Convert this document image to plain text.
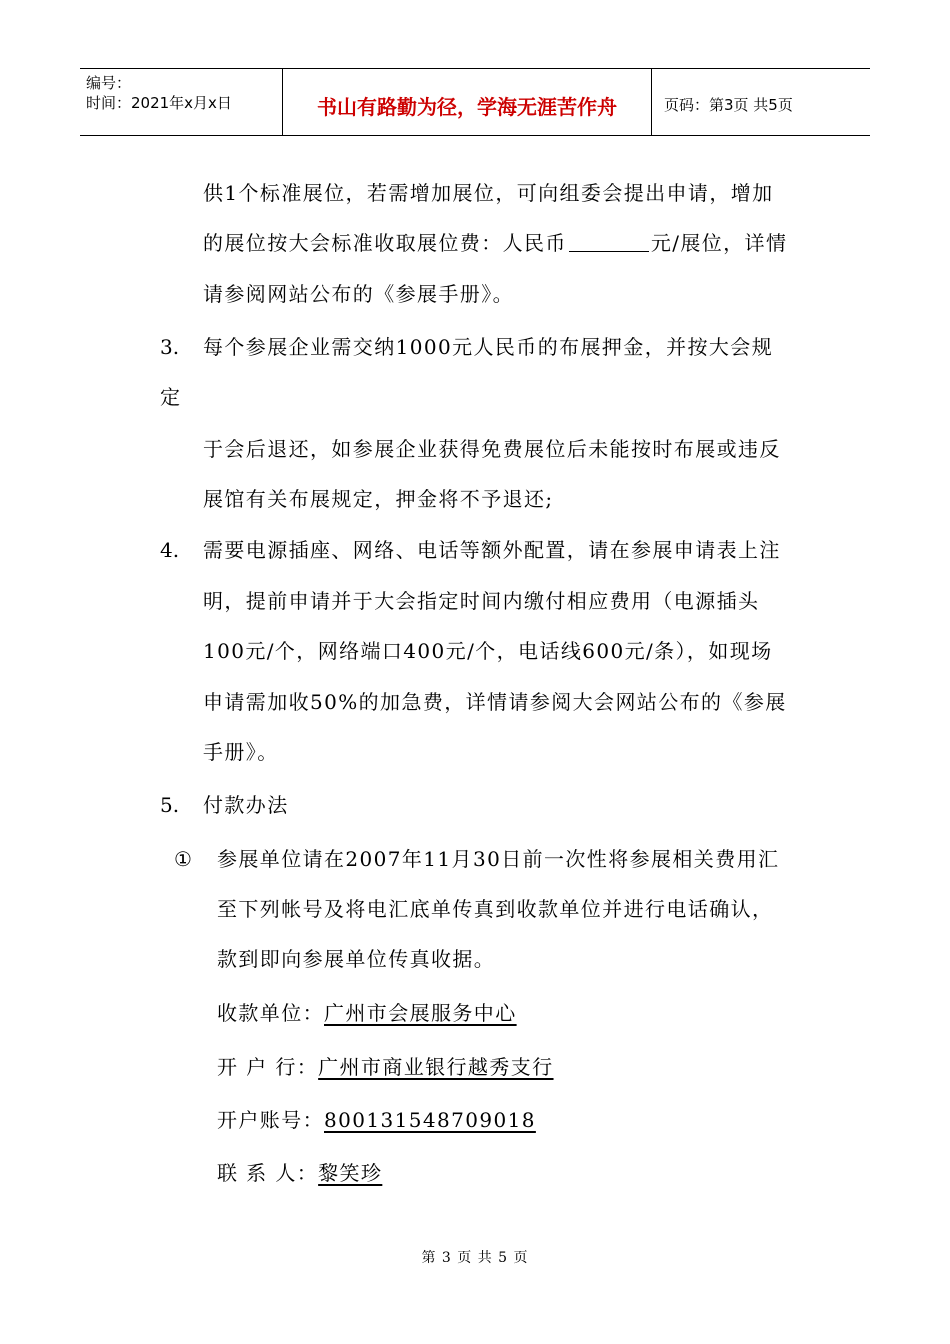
编号：
时间：2021年x月x日	书山有路勤为径，学海无涯苦作舟	页码：第3页 共5页
供1个标准展位，若需增加展位，可向组委会提出申请，增加
的展位按大会标准收取展位费：人民币	元/展位，详情
请参阅网站公布的《参展手册》。
3. 每个参展企业需交纳1000元人民币的布展押金，并按大会规
定
于会后退还，如参展企业获得免费展位后未能按时布展或违反
展馆有关布展规定，押金将不予退还;
4. 需要电源插座、网络、电话等额外配置，请在参展申请表上注
明，提前申请并于大会指定时间内缴付相应费用（电源插头
100元/个，网络端口400元/个，电话线600元/条），如现场
申请需加收50%的加急费，详情请参阅大会网站公布的《参展
手册》。
5. 付款办法
① 参展单位请在2007年11月30日前一次性将参展相关费用汇
至下列帐号及将电汇底单传真到收款单位并进行电话确认，
款到即向参展单位传真收据。
收款单位：广州市会展服务中心
开 户 行：广州市商业银行越秀支行
开户账号：800131548709018
联 系 人：黎笑珍
第 3 页 共 5 页
